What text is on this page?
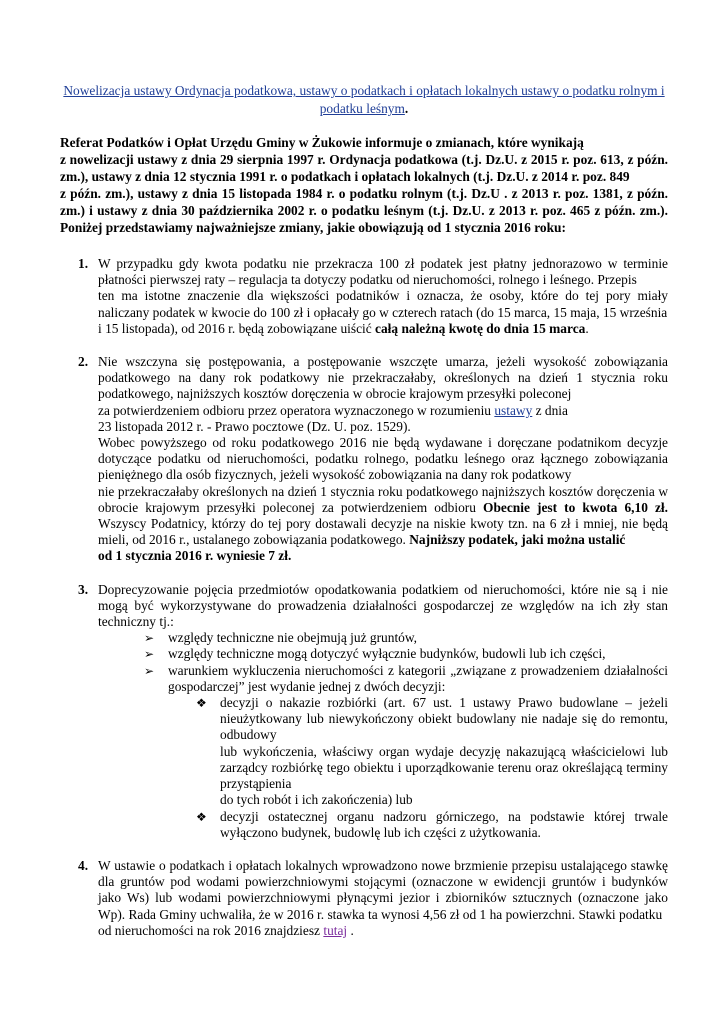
Nowelizacja ustawy Ordynacja podatkowa, ustawy o podatkach i opłatach lokalnych ustawy o podatku rolnym i podatku leśnym.

Referat Podatków i Opłat Urzędu Gminy w Żukowie informuje o zmianach, które wynikają

z nowelizacji ustawy z dnia 29 sierpnia 1997 r. Ordynacja podatkowa (t.j. Dz.U. z 2015 r. poz. 613, z późn. zm.), ustawy z dnia 12 stycznia 1991 r. o podatkach i opłatach lokalnych (t.j. Dz.U. z 2014 r. poz. 849

z późn. zm.), ustawy z dnia 15 listopada 1984 r. o podatku rolnym (t.j. Dz.U . z 2013 r. poz. 1381, z późn. zm.) i ustawy z dnia 30 października 2002 r. o podatku leśnym (t.j. Dz.U. z 2013 r. poz. 465 z późn. zm.). Poniżej przedstawiamy najważniejsze zmiany, jakie obowiązują od 1 stycznia 2016 roku:

1. W przypadku gdy kwota podatku nie przekracza 100 zł podatek jest płatny jednorazowo w terminie płatności pierwszej raty – regulacja ta dotyczy podatku od nieruchomości, rolnego i leśnego. Przepis

ten ma istotne znaczenie dla większości podatników i oznacza, że osoby, które do tej pory miały naliczany podatek w kwocie do 100 zł i opłacały go w czterech ratach (do 15 marca, 15 maja, 15 września

i 15 listopada), od 2016 r. będą zobowiązane uiścić całą należną kwotę do dnia 15 marca.

2. Nie wszczyna się postępowania, a postępowanie wszczęte umarza, jeżeli wysokość zobowiązania podatkowego na dany rok podatkowy nie przekraczałaby, określonych na dzień 1 stycznia roku podatkowego, najniższych kosztów doręczenia w obrocie krajowym przesyłki poleconej

za potwierdzeniem odbioru przez operatora wyznaczonego w rozumieniu ustawy z dnia

23 listopada 2012 r. - Prawo pocztowe (Dz. U. poz. 1529).

Wobec powyższego od roku podatkowego 2016 nie będą wydawane i doręczane podatnikom decyzje dotyczące podatku od nieruchomości, podatku rolnego, podatku leśnego oraz łącznego zobowiązania pieniężnego dla osób fizycznych, jeżeli wysokość zobowiązania na dany rok podatkowy

nie przekraczałaby określonych na dzień 1 stycznia roku podatkowego najniższych kosztów doręczenia w obrocie krajowym przesyłki poleconej za potwierdzeniem odbioru Obecnie jest to kwota 6,10 zł. Wszyscy Podatnicy, którzy do tej pory dostawali decyzje na niskie kwoty tzn. na 6 zł i mniej, nie będą mieli, od 2016 r., ustalanego zobowiązania podatkowego. Najniższy podatek, jaki można ustalić

od 1 stycznia 2016 r. wyniesie 7 zł.

3. Doprecyzowanie pojęcia przedmiotów opodatkowania podatkiem od nieruchomości, które nie są i nie mogą być wykorzystywane do prowadzenia działalności gospodarczej ze względów na ich zły stan techniczny tj.:

➢ względy techniczne nie obejmują już gruntów,
➢ względy techniczne mogą dotyczyć wyłącznie budynków, budowli lub ich części,
➢ warunkiem wykluczenia nieruchomości z kategorii „związane z prowadzeniem działalności gospodarczej” jest wydanie jednej z dwóch decyzji:
❖ decyzji o nakazie rozbiórki (art. 67 ust. 1 ustawy Prawo budowlane – jeżeli nieużytkowany lub niewykończony obiekt budowlany nie nadaje się do remontu, odbudowy
lub wykończenia, właściwy organ wydaje decyzję nakazującą właścicielowi lub zarządcy rozbiórkę tego obiektu i uporządkowanie terenu oraz określającą terminy przystąpienia
do tych robót i ich zakończenia) lub
❖ decyzji ostatecznej organu nadzoru górniczego, na podstawie której trwale wyłączono budynek, budowlę lub ich części z użytkowania.
4. W ustawie o podatkach i opłatach lokalnych wprowadzono nowe brzmienie przepisu ustalającego stawkę dla gruntów pod wodami powierzchniowymi stojącymi (oznaczone w ewidencji gruntów i budynków jako Ws) lub wodami powierzchniowymi płynącymi jezior i zbiorników sztucznych (oznaczone jako Wp). Rada Gminy uchwaliła, że w 2016 r. stawka ta wynosi 4,56 zł od 1 ha powierzchni. Stawki podatku

od nieruchomości na rok 2016 znajdziesz tutaj .
